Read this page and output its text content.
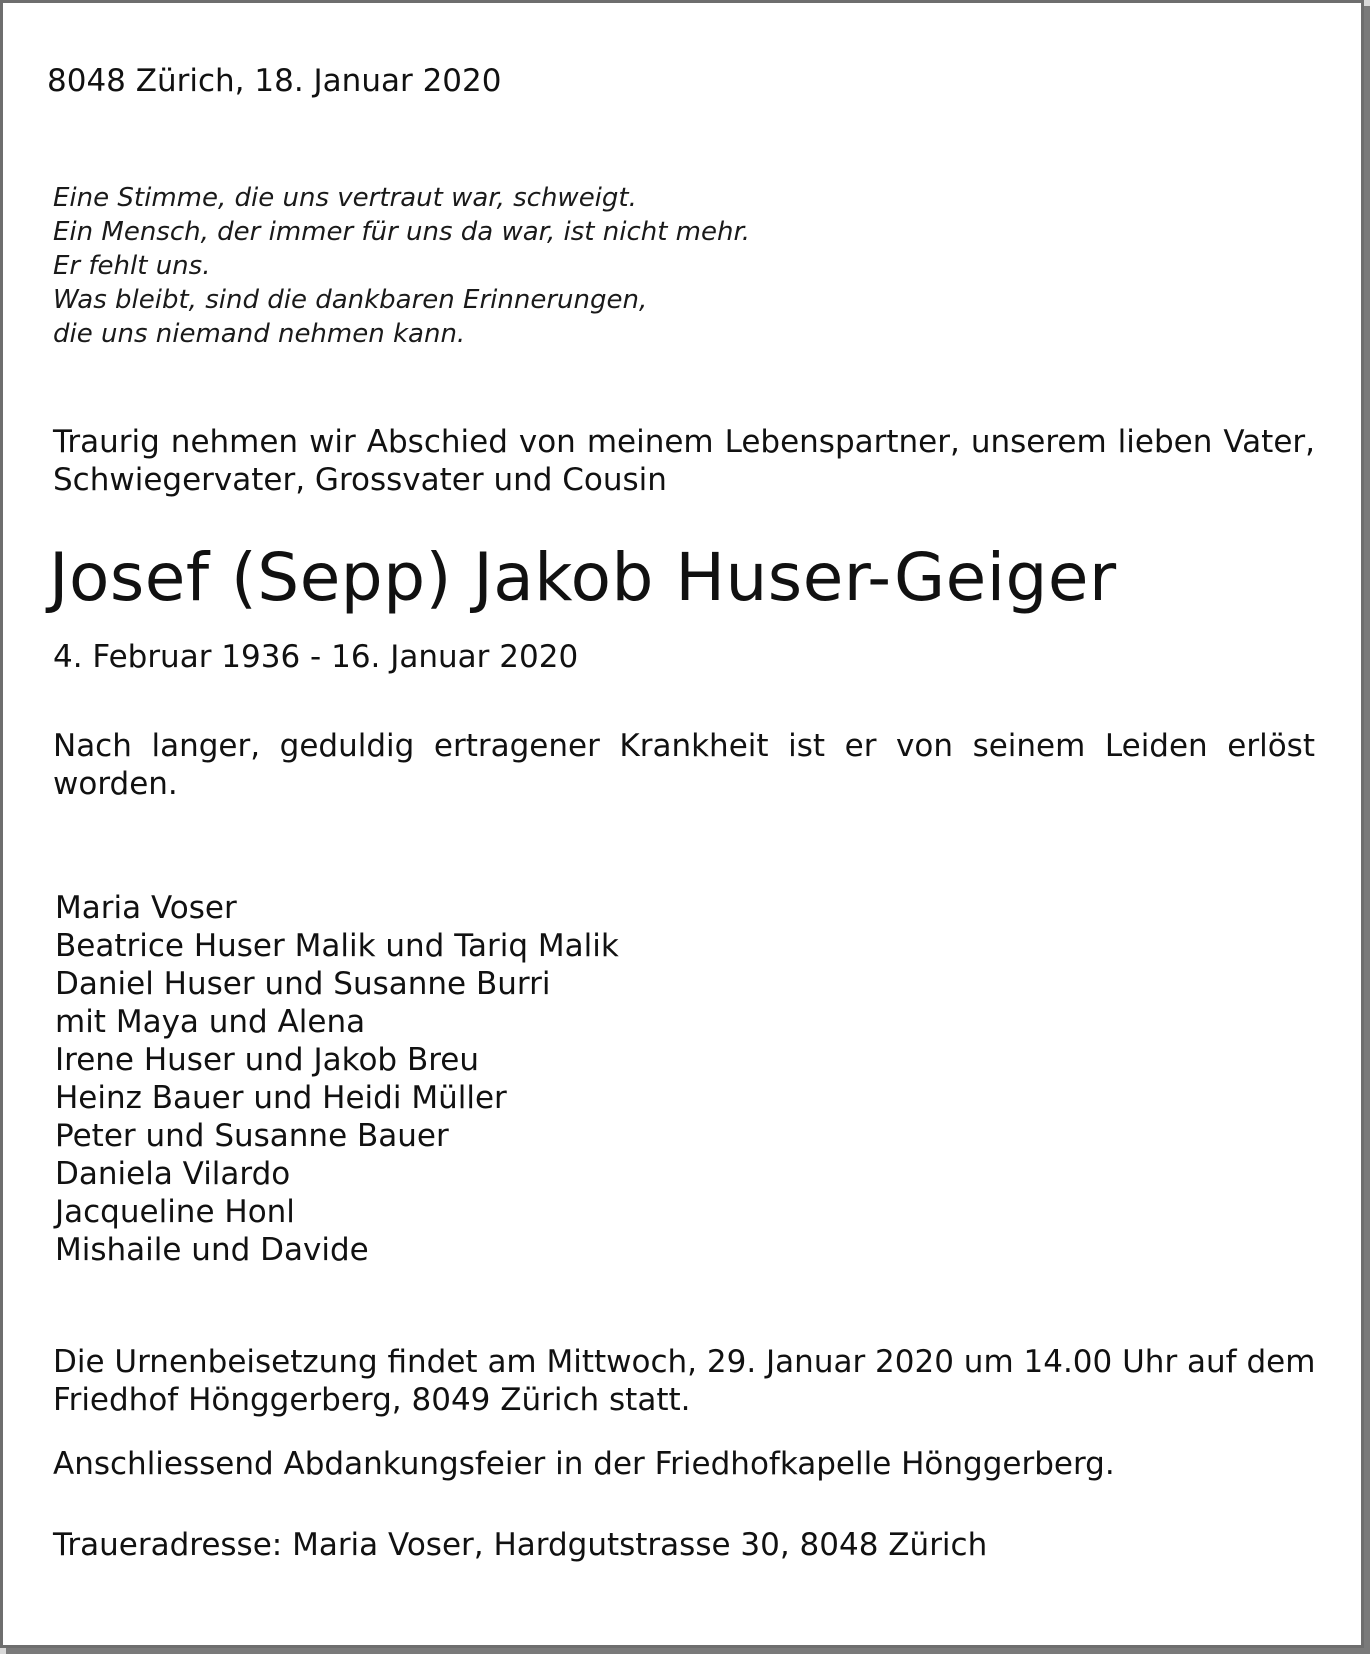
8048 Zürich, 18. Januar 2020

Eine Stimme, die uns vertraut war, schweigt.
Ein Mensch, der immer für uns da war, ist nicht mehr.
Er fehlt uns.
Was bleibt, sind die dankbaren Erinnerungen,
die uns niemand nehmen kann.

Traurig nehmen wir Abschied von meinem Lebenspartner, unserem lieben Vater, Schwiegervater, Grossvater und Cousin

Josef (Sepp) Jakob Huser-Geiger

4. Februar 1936 - 16. Januar 2020

Nach langer, geduldig ertragener Krankheit ist er von seinem Leiden erlöst worden.

Maria Voser
Beatrice Huser Malik und Tariq Malik
Daniel Huser und Susanne Burri
mit Maya und Alena
Irene Huser und Jakob Breu
Heinz Bauer und Heidi Müller
Peter und Susanne Bauer
Daniela Vilardo
Jacqueline Honl
Mishaile und Davide

Die Urnenbeisetzung findet am Mittwoch, 29. Januar 2020 um 14.00 Uhr auf dem Friedhof Hönggerberg, 8049 Zürich statt.

Anschliessend Abdankungsfeier in der Friedhofkapelle Hönggerberg.

Traueradresse: Maria Voser, Hardgutstrasse 30, 8048 Zürich
